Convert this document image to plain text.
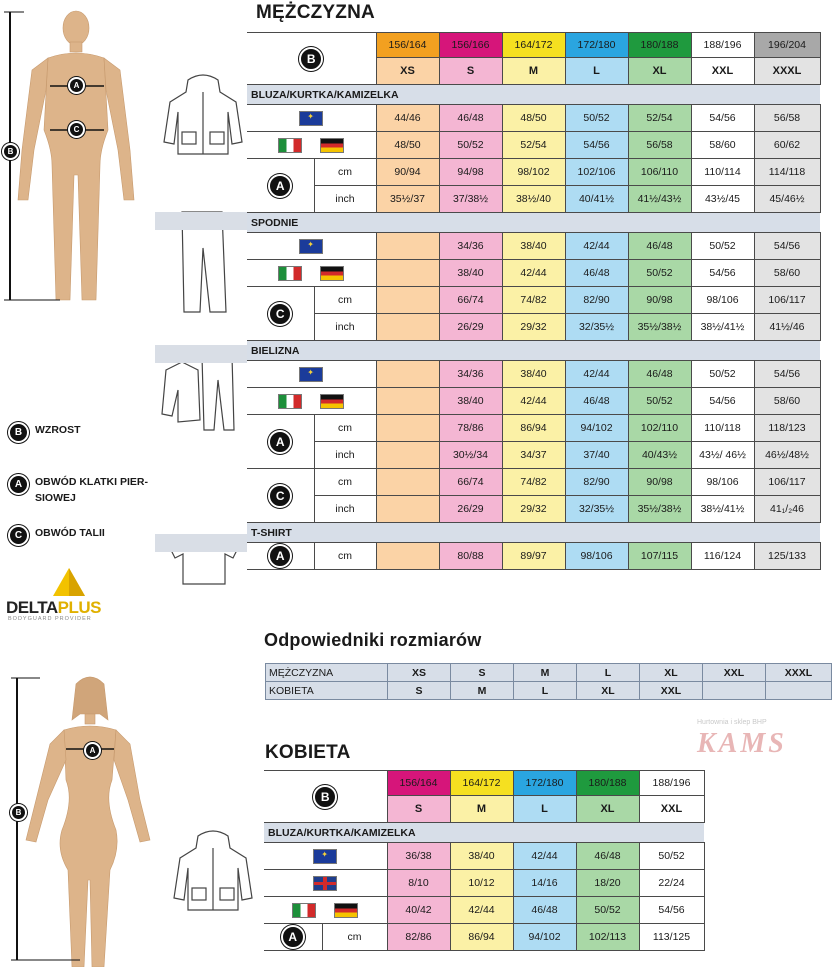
A
C
B
B	WZROST
A	OBWÓD KLATKI PIER-
SIOWEJ
C	OBWÓD TALII
DELTAPLUS
BODYGUARD PROVIDER
MĘŻCZYZNA
B		156/164	156/166	164/172	172/180	180/188	188/196	196/204
		XS	S	M	L	XL	XXL	XXXL
BLUZA/KURTKA/KAMIZELKA								
✦	44/46	46/48	48/50	50/52	52/54	54/56	56/58
		48/50	50/52	52/54	54/56	56/58	58/60	60/62
A	cm	90/94	94/98	98/102	102/106	106/110	110/114	114/118
	inch	35½/37	37/38½	38½/40	40/41½	41½/43½	43½/45	45/46½
SPODNIE								
✦		34/36	38/40	42/44	46/48	50/52	54/56
			38/40	42/44	46/48	50/52	54/56	58/60
C	cm		66/74	74/82	82/90	90/98	98/106	106/117
	inch		26/29	29/32	32/35½	35½/38½	38½/41½	41½/46
BIELIZNA								
✦		34/36	38/40	42/44	46/48	50/52	54/56
			38/40	42/44	46/48	50/52	54/56	58/60
A	cm		78/86	86/94	94/102	102/110	110/118	118/123
	inch		30½/34	34/37	37/40	40/43½	43½/ 46½	46½/48½
C	cm		66/74	74/82	82/90	90/98	98/106	106/117
	inch		26/29	29/32	32/35½	35½/38½	38½/41½	41₁/₂46
T-SHIRT								
A	cm		80/88	89/97	98/106	107/115	116/124	125/133
Odpowiedniki rozmiarów
MĘŻCZYZNA	XS	S	M	L	XL	XXL	XXXL
KOBIETA	S	M	L	XL	XXL		
Hurtownia i sklep BHP
KAMS
A
B
KOBIETA
B		156/164	164/172	172/180	180/188	188/196
		S	M	L	XL	XXL
BLUZA/KURTKA/KAMIZELKA						
✦	36/38	38/40	42/44	46/48	50/52
		8/10	10/12	14/16	18/20	22/24
		40/42	42/44	46/48	50/52	54/56
A	cm	82/86	86/94	94/102	102/113	113/125
